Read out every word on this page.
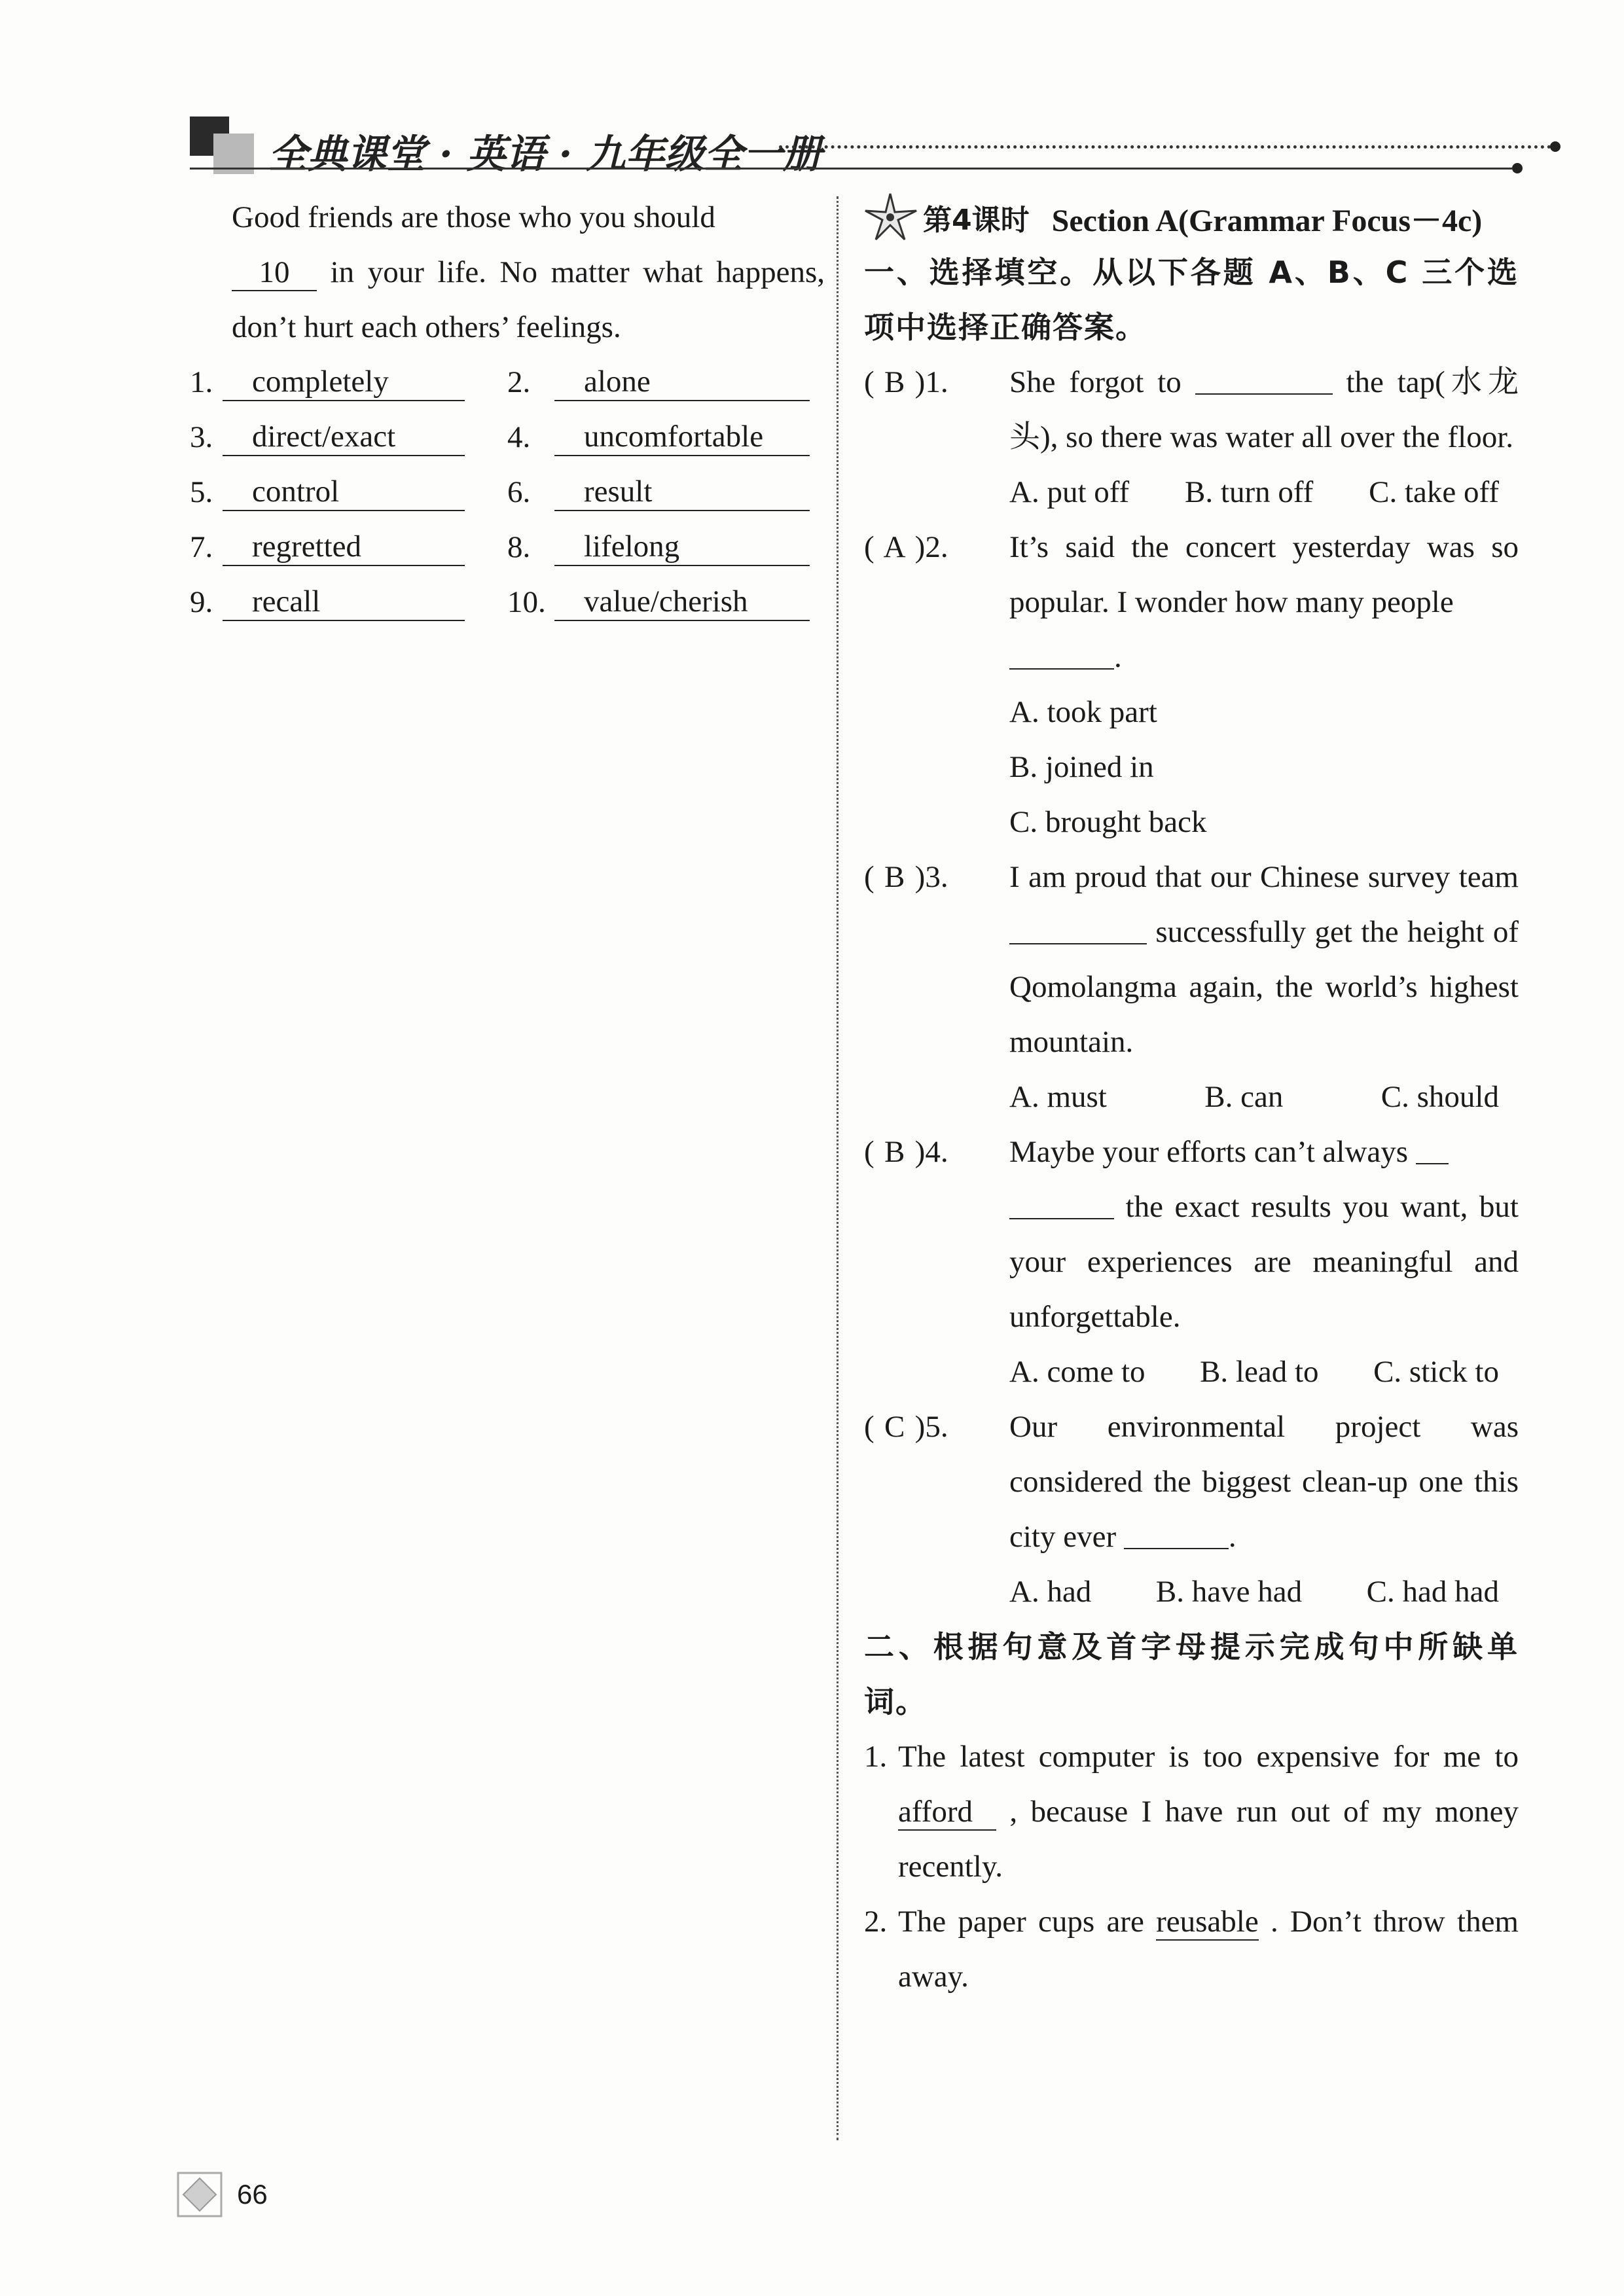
全典课堂 · 英语 · 九年级全一册
Good friends are those who you should
10 in your life. No matter what happens, don’t hurt each others’ feelings.
1.	completely	2.	alone
3.	direct/exact	4.	uncomfortable
5.	control	6.	result
7.	regretted	8.	lifelong
9.	recall	10.	value/cherish
第4课时 Section A(Grammar Focus－4c)
一、选择填空。从以下各题 A、B、C 三个选项中选择正确答案。
( B )1.	She forgot to	the tap(水龙头), so there was water all over the floor.
A. put off B. turn off C. take off
( A )2.	It’s said the concert yesterday was so popular. I wonder how many people
.
A. took part
B. joined in
C. brought back
( B )3.	I am proud that our Chinese survey team  successfully get the height of Qomolangma again, the world’s highest mountain.
A. must	B. can	C. should
( B )4.	Maybe your efforts can’t always
the exact results you want, but your experiences are meaningful and unforgettable.
A. come to B. lead to C. stick to
( C )5.	Our environmental project was considered the biggest clean-up one this city ever	.
A. had B. have had C. had had
二、根据句意及首字母提示完成句中所缺单词。
1. The latest computer is too expensive for me to afford , because I have run out of my money recently.
2. The paper cups are reusable . Don’t throw them away.
66
